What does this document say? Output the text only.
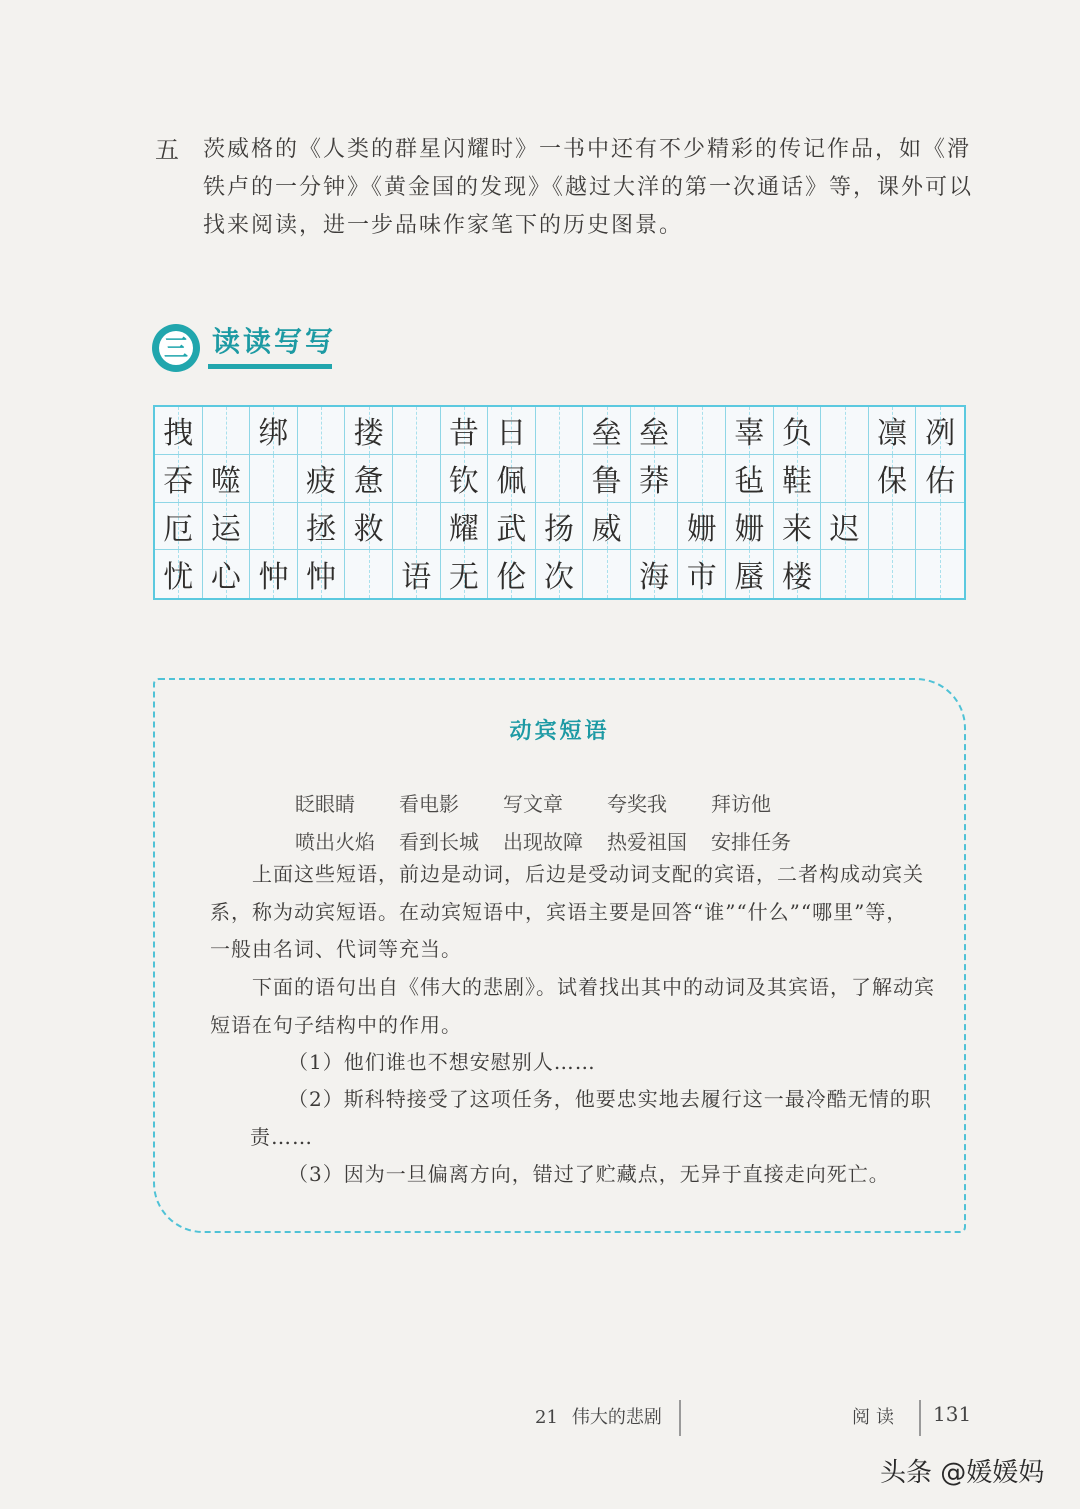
五 茨威格的《人类的群星闪耀时》一书中还有不少精彩的传记作品，如《滑
铁卢的一分钟》《黄金国的发现》《越过大洋的第一次通话》等，课外可以
找来阅读，进一步品味作家笔下的历史图景。
三 读读写写
拽 绑 搂 昔 日 垒 垒 辜 负 凛 冽
吞 噬 疲 惫 钦 佩 鲁 莽 毡 鞋 保 佑
厄 运 拯 救 耀 武 扬 威 姗 姗 来 迟
忧 心 忡 忡 语 无 伦 次 海 市 蜃 楼
动宾短语
眨眼睛 看电影 写文章 夸奖我 拜访他
喷出火焰 看到长城 出现故障 热爱祖国 安排任务
上面这些短语，前边是动词，后边是受动词支配的宾语，二者构成动宾关
系，称为动宾短语。在动宾短语中，宾语主要是回答“谁”“什么”“哪里”等，
一般由名词、代词等充当。
下面的语句出自《伟大的悲剧》。试着找出其中的动词及其宾语，了解动宾
短语在句子结构中的作用。
（1）他们谁也不想安慰别人……
（2）斯科特接受了这项任务，他要忠实地去履行这一最冷酷无情的职
责……
（3）因为一旦偏离方向，错过了贮藏点，无异于直接走向死亡。
21 伟大的悲剧	阅读 131
头条 @媛媛妈
